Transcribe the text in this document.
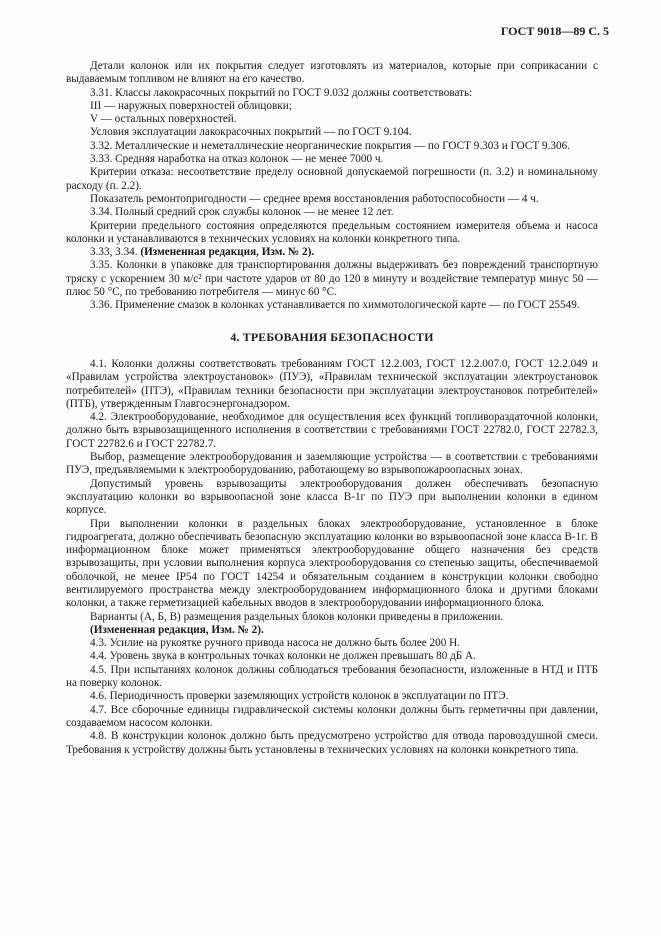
ГОСТ 9018—89 С. 5

Детали колонок или их покрытия следует изготовлять из материалов, которые при соприкасании с выдаваемым топливом не влияют на его качество.

3.31. Классы лакокрасочных покрытий по ГОСТ 9.032 должны соответствовать:

III — наружных поверхностей облицовки;

V — остальных поверхностей.

Условия эксплуатации лакокрасочных покрытий — по ГОСТ 9.104.

3.32. Металлические и неметаллические неорганические покрытия — по ГОСТ 9.303 и ГОСТ 9.306.

3.33. Средняя наработка на отказ колонок — не менее 7000 ч.

Критерии отказа: несоответствие пределу основной допускаемой погрешности (п. 3.2) и номинальному расходу (п. 2.2).

Показатель ремонтопригодности — среднее время восстановления работоспособности — 4 ч.

3.34. Полный средний срок службы колонок — не менее 12 лет.

Критерии предельного состояния определяются предельным состоянием измерителя объема и насоса колонки и устанавливаются в технических условиях на колонки конкретного типа.

3.33, 3.34. (Измененная редакция, Изм. № 2).

3.35. Колонки в упаковке для транспортирования должны выдерживать без повреждений транспортную тряску с ускорением 30 м/с² при частоте ударов от 80 до 120 в минуту и воздействие температур минус 50 — плюс 50 °С, по требованию потребителя — минус 60 °С.

3.36. Применение смазок в колонках устанавливается по химмотологической карте — по ГОСТ 25549.

4. ТРЕБОВАНИЯ БЕЗОПАСНОСТИ

4.1. Колонки должны соответствовать требованиям ГОСТ 12.2.003, ГОСТ 12.2.007.0, ГОСТ 12.2.049 и «Правилам устройства электроустановок» (ПУЭ), «Правилам технической эксплуатации электроустановок потребителей» (ПТЭ), «Правилам техники безопасности при эксплуатации электроустановок потребителей» (ПТБ), утвержденным Главгосэнергонадзором.

4.2. Электрооборудование, необходимое для осуществления всех функций топливораздаточной колонки, должно быть взрывозащищенного исполнения в соответствии с требованиями ГОСТ 22782.0, ГОСТ 22782.3, ГОСТ 22782.6 и ГОСТ 22782.7.

Выбор, размещение электрооборудования и заземляющие устройства — в соответствии с требованиями ПУЭ, предъявляемыми к электрооборудованию, работающему во взрывопожароопасных зонах.

Допустимый уровень взрывозащиты электрооборудования должен обеспечивать безопасную эксплуатацию колонки во взрывоопасной зоне класса В-1г по ПУЭ при выполнении колонки в едином корпусе.

При выполнении колонки в раздельных блоках электрооборудование, установленное в блоке гидроагрегата, должно обеспечивать безопасную эксплуатацию колонки во взрывоопасной зоне класса В-1г. В информационном блоке может применяться электрооборудование общего назначения без средств взрывозащиты, при условии выполнения корпуса электрооборудования со степенью защиты, обеспечиваемой оболочкой, не менее IP54 по ГОСТ 14254 и обязательным созданием в конструкции колонки свободно вентилируемого пространства между электрооборудованием информационного блока и другими блоками колонки, а также герметизацией кабельных вводов в электрооборудовании информационного блока.

Варианты (А, Б, В) размещения раздельных блоков колонки приведены в приложении.

(Измененная редакция, Изм. № 2).

4.3. Усилие на рукоятке ручного привода насоса не должно быть более 200 Н.

4.4. Уровень звука в контрольных точках колонки не должен превышать 80 дБ А.

4.5. При испытаниях колонок должны соблюдаться требования безопасности, изложенные в НТД и ПТБ на поверку колонок.

4.6. Периодичность проверки заземляющих устройств колонок в эксплуатации по ПТЭ.

4.7. Все сборочные единицы гидравлической системы колонки должны быть герметичны при давлении, создаваемом насосом колонки.

4.8. В конструкции колонок должно быть предусмотрено устройство для отвода паровоздушной смеси. Требования к устройству должны быть установлены в технических условиях на колонки конкретного типа.
